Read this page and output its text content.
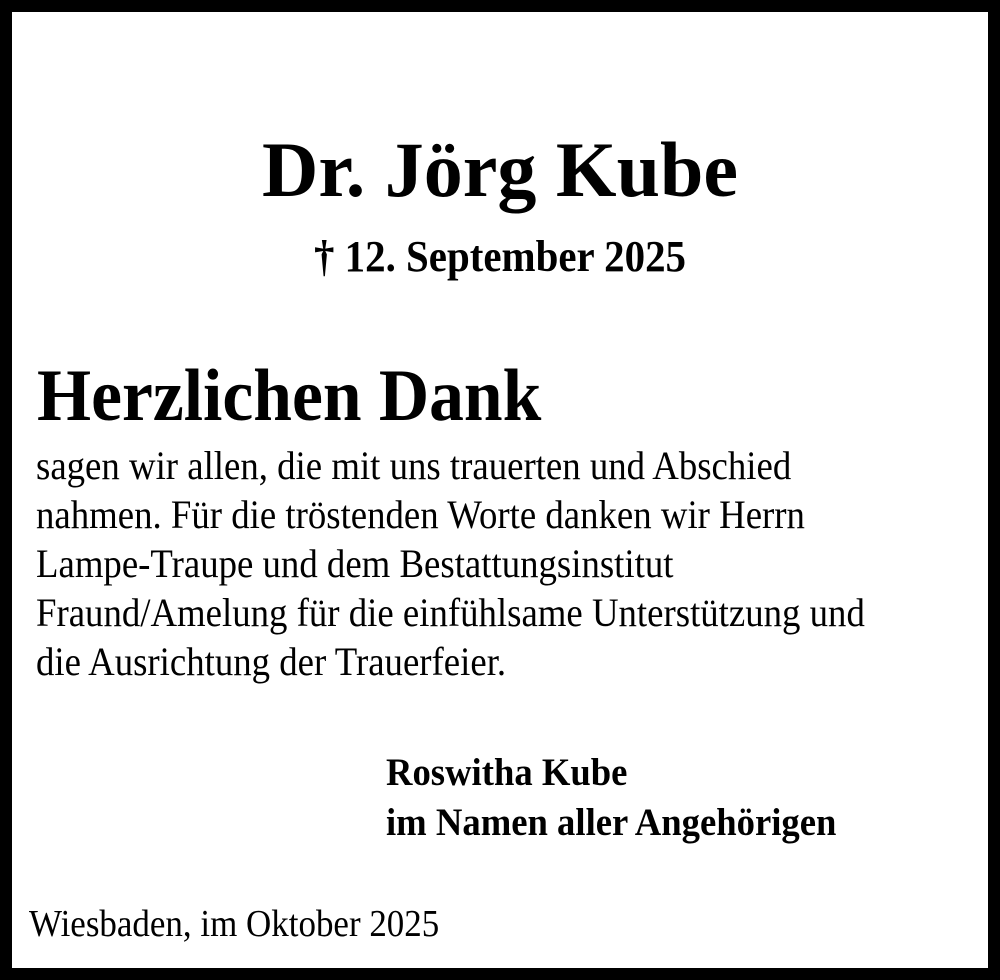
Dr. Jörg Kube
† 12. September 2025
Herzlichen Dank
sagen wir allen, die mit uns trauerten und Abschied
nahmen. Für die tröstenden Worte danken wir Herrn
Lampe-Traupe und dem Bestattungsinstitut
Fraund/Amelung für die einfühlsame Unterstützung und
die Ausrichtung der Trauerfeier.
Roswitha Kube
im Namen aller Angehörigen
Wiesbaden, im Oktober 2025
